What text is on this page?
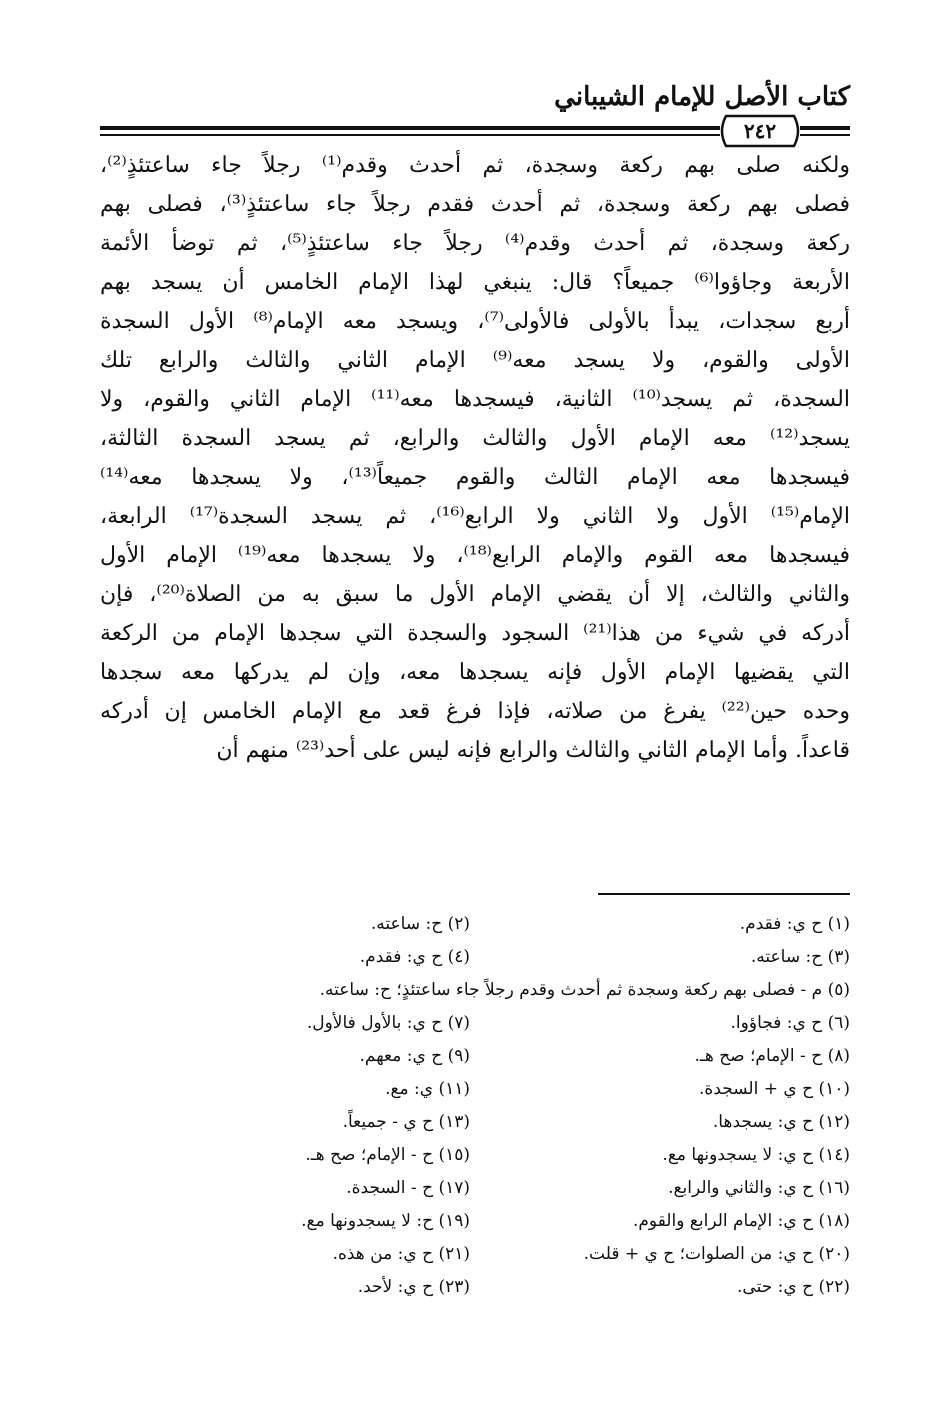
كتاب الأصل للإمام الشيباني
٢٤٢
ولكنه صلى بهم ركعة وسجدة، ثم أحدث وقدم⁽¹⁾ رجلاً جاء ساعتئذٍ⁽²⁾،
فصلى بهم ركعة وسجدة، ثم أحدث فقدم رجلاً جاء ساعتئذٍ⁽³⁾، فصلى بهم
ركعة وسجدة، ثم أحدث وقدم⁽⁴⁾ رجلاً جاء ساعتئذٍ⁽⁵⁾، ثم توضأ الأئمة
الأربعة وجاؤوا⁽⁶⁾ جميعاً؟ قال: ينبغي لهذا الإمام الخامس أن يسجد بهم
أربع سجدات، يبدأ بالأولى فالأولى⁽⁷⁾، ويسجد معه الإمام⁽⁸⁾ الأول السجدة
الأولى والقوم، ولا يسجد معه⁽⁹⁾ الإمام الثاني والثالث والرابع تلك
السجدة، ثم يسجد⁽¹⁰⁾ الثانية، فيسجدها معه⁽¹¹⁾ الإمام الثاني والقوم، ولا
يسجد⁽¹²⁾ معه الإمام الأول والثالث والرابع، ثم يسجد السجدة الثالثة،
فيسجدها معه الإمام الثالث والقوم جميعاً⁽¹³⁾، ولا يسجدها معه⁽¹⁴⁾
الإمام⁽¹⁵⁾ الأول ولا الثاني ولا الرابع⁽¹⁶⁾، ثم يسجد السجدة⁽¹⁷⁾ الرابعة،
فيسجدها معه القوم والإمام الرابع⁽¹⁸⁾، ولا يسجدها معه⁽¹⁹⁾ الإمام الأول
والثاني والثالث، إلا أن يقضي الإمام الأول ما سبق به من الصلاة⁽²⁰⁾، فإن
أدركه في شيء من هذا⁽²¹⁾ السجود والسجدة التي سجدها الإمام من الركعة
التي يقضيها الإمام الأول فإنه يسجدها معه، وإن لم يدركها معه سجدها
وحده حين⁽²²⁾ يفرغ من صلاته، فإذا فرغ قعد مع الإمام الخامس إن أدركه
قاعداً. وأما الإمام الثاني والثالث والرابع فإنه ليس على أحد⁽²³⁾ منهم أن
(١) ح ي: فقدم.
(٢) ح: ساعته.
(٣) ح: ساعته.
(٤) ح ي: فقدم.
(٥) م - فصلى بهم ركعة وسجدة ثم أحدث وقدم رجلاً جاء ساعتئذٍ؛ ح: ساعته.
(٦) ح ي: فجاؤوا.
(٧) ح ي: بالأول فالأول.
(٨) ح - الإمام؛ صح هـ.
(٩) ح ي: معهم.
(١٠) ح ي + السجدة.
(١١) ي: مع.
(١٢) ح ي: يسجدها.
(١٣) ح ي - جميعاً.
(١٤) ح ي: لا يسجدونها مع.
(١٥) ح - الإمام؛ صح هـ.
(١٦) ح ي: والثاني والرابع.
(١٧) ح - السجدة.
(١٨) ح ي: الإمام الرابع والقوم.
(١٩) ح: لا يسجدونها مع.
(٢٠) ح ي: من الصلوات؛ ح ي + قلت.
(٢١) ح ي: من هذه.
(٢٢) ح ي: حتى.
(٢٣) ح ي: لأحد.
